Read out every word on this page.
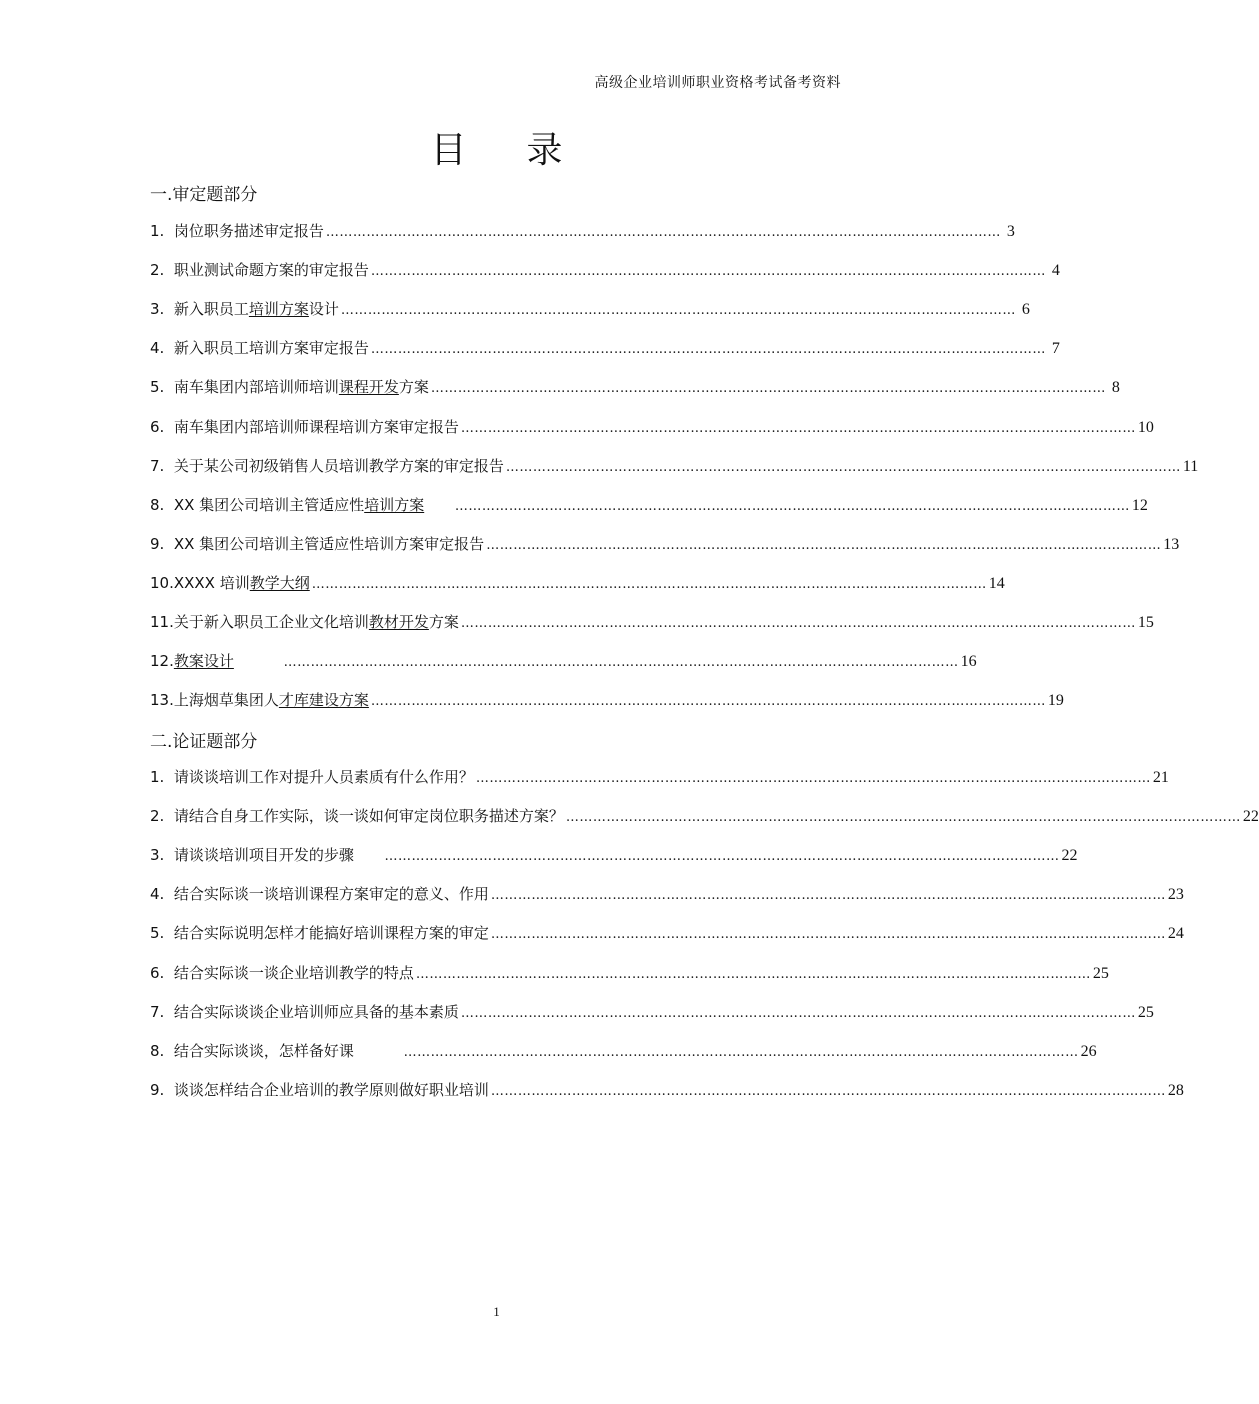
高级企业培训师职业资格考试备考资料
目 录
一.审定题部分
1. 岗位职务描述审定报告 …………………………………………………………………………………………………………………………………… 3
2. 职业测试命题方案的审定报告 …………………………………………………………………………………………………………………………………… 4
3. 新入职员工培训方案设计 …………………………………………………………………………………………………………………………………… 6
4. 新入职员工培训方案审定报告 …………………………………………………………………………………………………………………………………… 7
5. 南车集团内部培训师培训课程开发方案 …………………………………………………………………………………………………………………………………… 8
6. 南车集团内部培训师课程培训方案审定报告 …………………………………………………………………………………………………………………………………… 10
7. 关于某公司初级销售人员培训教学方案的审定报告 …………………………………………………………………………………………………………………………………… 11
8. XX 集团公司培训主管适应性培训方案
…………………………………………………………………………………………………………………………………… 12
9. XX 集团公司培训主管适应性培训方案审定报告 …………………………………………………………………………………………………………………………………… 13
10. XXXX 培训教学大纲 …………………………………………………………………………………………………………………………………… 14
11. 关于新入职员工企业文化培训教材开发方案 …………………………………………………………………………………………………………………………………… 15
12. 教案设计
	…………………………………………………………………………………………………………………………………… 16
13. 上海烟草集团人才库建设方案 …………………………………………………………………………………………………………………………………… 19
二.论证题部分
1. 请谈谈培训工作对提升人员素质有什么作用？ …………………………………………………………………………………………………………………………………… 21
2. 请结合自身工作实际，谈一谈如何审定岗位职务描述方案？ …………………………………………………………………………………………………………………………………… 22
3. 请谈谈培训项目开发的步骤
…………………………………………………………………………………………………………………………………… 22
4. 结合实际谈一谈培训课程方案审定的意义、作用 …………………………………………………………………………………………………………………………………… 23
5. 结合实际说明怎样才能搞好培训课程方案的审定 …………………………………………………………………………………………………………………………………… 24
6. 结合实际谈一谈企业培训教学的特点 …………………………………………………………………………………………………………………………………… 25
7. 结合实际谈谈企业培训师应具备的基本素质 …………………………………………………………………………………………………………………………………… 25
8. 结合实际谈谈，怎样备好课
	…………………………………………………………………………………………………………………………………… 26
9. 谈谈怎样结合企业培训的教学原则做好职业培训 …………………………………………………………………………………………………………………………………… 28
1
